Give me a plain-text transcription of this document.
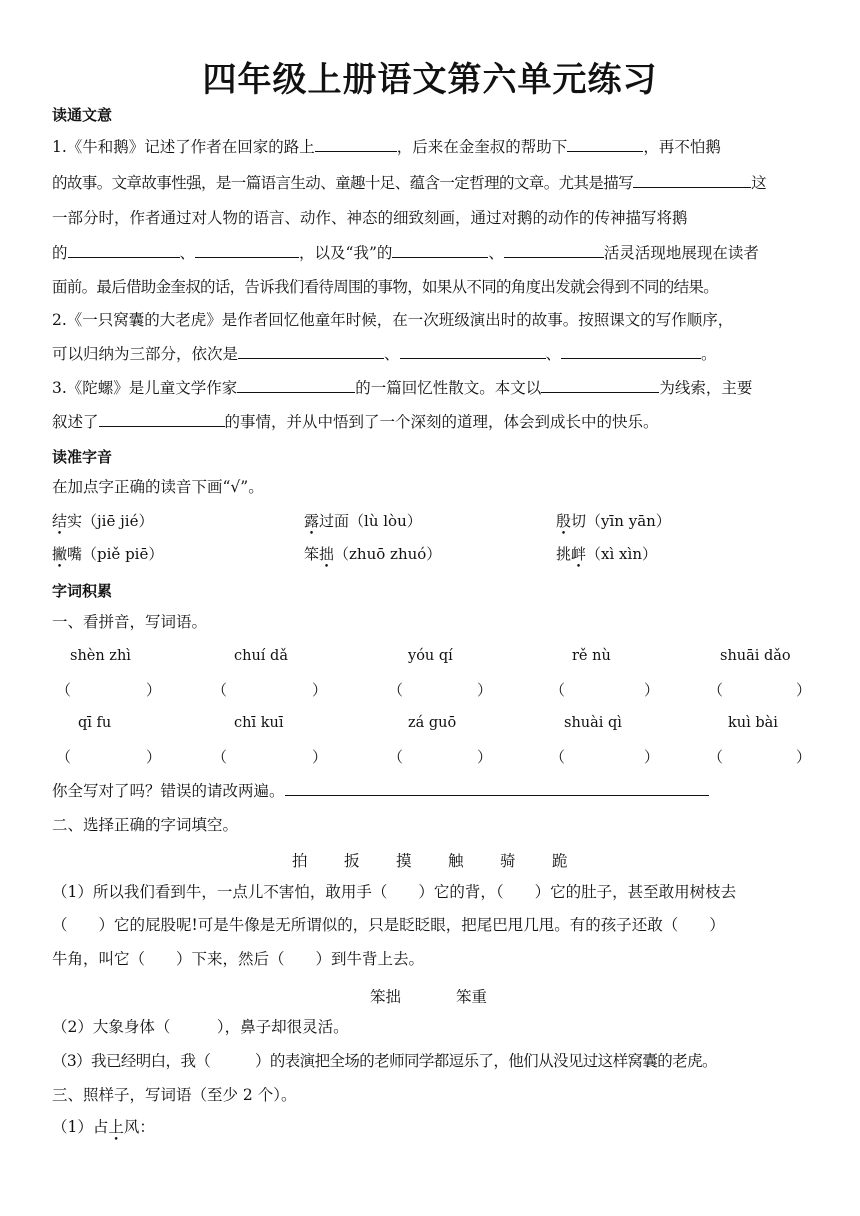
四年级上册语文第六单元练习
读通文意
1.《牛和鹅》记述了作者在回家的路上	，后来在金奎叔的帮助下	，再不怕鹅
的故事。文章故事性强，是一篇语言生动、童趣十足、蕴含一定哲理的文章。尤其是描写	这
一部分时，作者通过对人物的语言、动作、神态的细致刻画，通过对鹅的动作的传神描写将鹅
的	、	，以及“我”的	、	活灵活现地展现在读者
面前。最后借助金奎叔的话，告诉我们看待周围的事物，如果从不同的角度出发就会得到不同的结果。
2.《一只窝囊的大老虎》是作者回忆他童年时候，在一次班级演出时的故事。按照课文的写作顺序，
可以归纳为三部分，依次是	、	、	。
3.《陀螺》是儿童文学作家	的一篇回忆性散文。本文以	为线索，主要
叙述了	的事情，并从中悟到了一个深刻的道理，体会到成长中的快乐。
读准字音
在加点字正确的读音下画“√”。
结实（jiē jié）	露过面（lù lòu）	殷切（yīn yān）
撇嘴（piě piē）	笨拙（zhuō zhuó）	挑衅（xì xìn）
字词积累
一、看拼音，写词语。
shèn zhì	chuí dǎ	yóu qí	rě nù	shuāi dǎo
（	）	（	）	（	）	（	）	（	）
qī fu	chī kuī	zá guō	shuài qì	kuì bài
（	）	（	）	（	）	（	）	（	）
你全写对了吗？错误的请改两遍。
二、选择正确的字词填空。
拍 扳 摸 触 骑 跪
（1）所以我们看到牛，一点儿不害怕，敢用手（　　）它的背，（　　）它的肚子，甚至敢用树枝去
（　　）它的屁股呢!可是牛像是无所谓似的，只是眨眨眼，把尾巴甩几甩。有的孩子还敢（　　）
牛角，叫它（　　）下来，然后（　　）到牛背上去。
笨拙	笨重
（2）大象身体（　　　），鼻子却很灵活。
（3）我已经明白，我（　　　）的表演把全场的老师同学都逗乐了，他们从没见过这样窝囊的老虎。
三、照样子，写词语（至少 2 个）。
（1）占上风：
